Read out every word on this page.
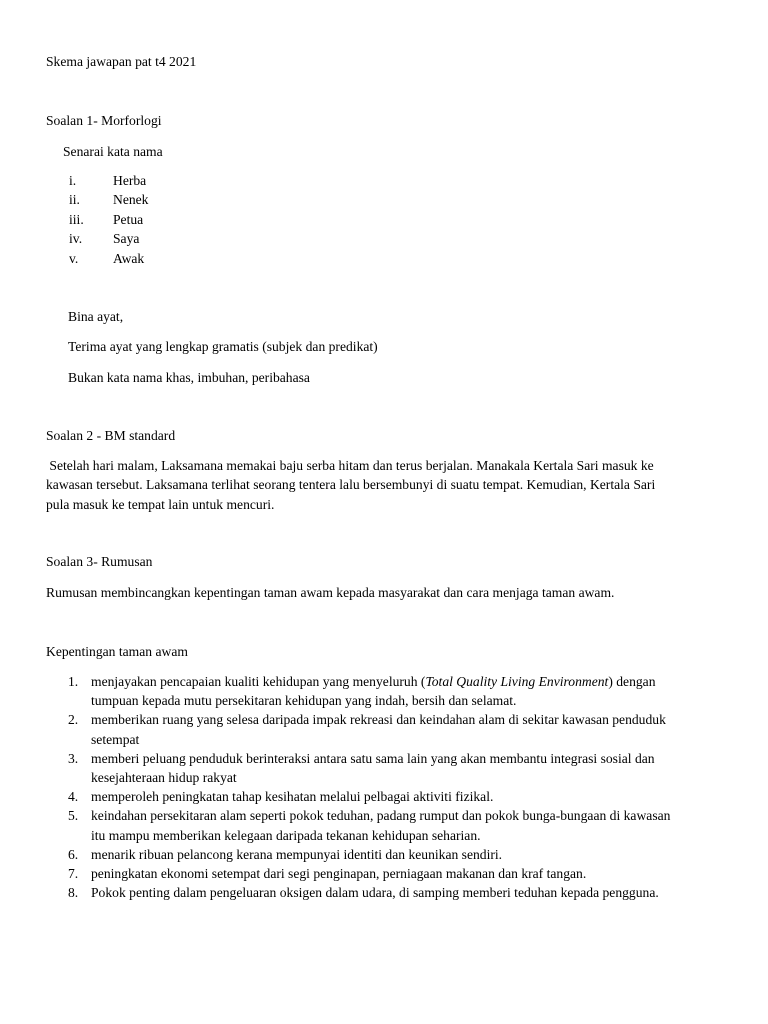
Skema jawapan pat t4 2021
Soalan 1- Morforlogi
Senarai kata nama
i.	Herba
ii. Nenek
iii. Petua
iv. Saya
v.	Awak
Bina ayat,
Terima ayat yang lengkap gramatis (subjek dan predikat)
Bukan kata nama khas, imbuhan, peribahasa
Soalan 2 - BM standard
Setelah hari malam, Laksamana memakai baju serba hitam dan terus berjalan. Manakala Kertala Sari masuk ke
kawasan tersebut. Laksamana terlihat seorang tentera lalu bersembunyi di suatu tempat. Kemudian, Kertala Sari
pula masuk ke tempat lain untuk mencuri.
Soalan 3- Rumusan
Rumusan membincangkan kepentingan taman awam kepada masyarakat dan cara menjaga taman awam.
Kepentingan taman awam
1. menjayakan pencapaian kualiti kehidupan yang menyeluruh (Total Quality Living Environment) dengan
tumpuan kepada mutu persekitaran kehidupan yang indah, bersih dan selamat.
2. memberikan ruang yang selesa daripada impak rekreasi dan keindahan alam di sekitar kawasan penduduk
setempat
3. memberi peluang penduduk berinteraksi antara satu sama lain yang akan membantu integrasi sosial dan
kesejahteraan hidup rakyat
4. memperoleh peningkatan tahap kesihatan melalui pelbagai aktiviti fizikal.
5. keindahan persekitaran alam seperti pokok teduhan, padang rumput dan pokok bunga-bungaan di kawasan
itu mampu memberikan kelegaan daripada tekanan kehidupan seharian.
6. menarik ribuan pelancong kerana mempunyai identiti dan keunikan sendiri.
7. peningkatan ekonomi setempat dari segi penginapan, perniagaan makanan dan kraf tangan.
8. Pokok penting dalam pengeluaran oksigen dalam udara, di samping memberi teduhan kepada pengguna.
